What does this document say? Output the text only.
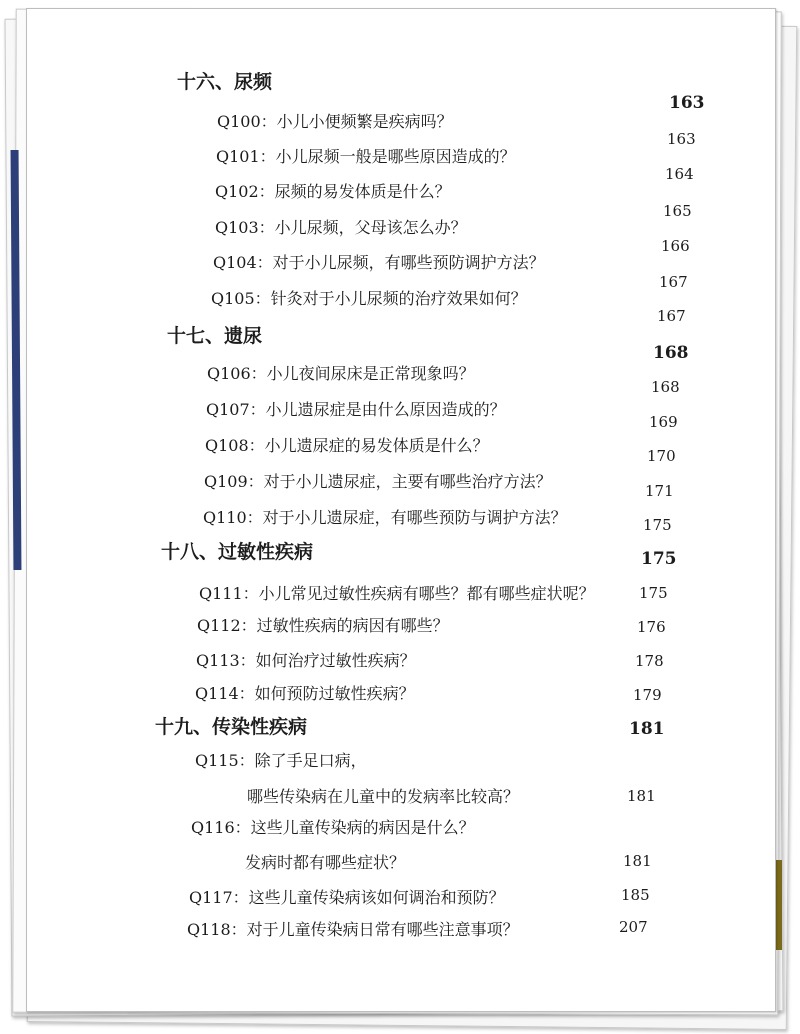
十六、尿频
163
Q100：小儿小便频繁是疾病吗？
163
Q101：小儿尿频一般是哪些原因造成的？
164
Q102：尿频的易发体质是什么？
165
Q103：小儿尿频，父母该怎么办？
166
Q104：对于小儿尿频，有哪些预防调护方法？
167
Q105：针灸对于小儿尿频的治疗效果如何？
167
十七、遗尿
168
Q106：小儿夜间尿床是正常现象吗？
168
Q107：小儿遗尿症是由什么原因造成的？
169
Q108：小儿遗尿症的易发体质是什么？
170
Q109：对于小儿遗尿症，主要有哪些治疗方法？	171
Q110：对于小儿遗尿症，有哪些预防与调护方法？	175
十八、过敏性疾病	175
Q111：小儿常见过敏性疾病有哪些？都有哪些症状呢？	175
Q112：过敏性疾病的病因有哪些？	176
Q113：如何治疗过敏性疾病？	178
Q114：如何预防过敏性疾病？	179
十九、传染性疾病	181
Q115：除了手足口病，
哪些传染病在儿童中的发病率比较高？	181
Q116：这些儿童传染病的病因是什么？
发病时都有哪些症状？	181
Q117：这些儿童传染病该如何调治和预防？	185
Q118：对于儿童传染病日常有哪些注意事项？	207
